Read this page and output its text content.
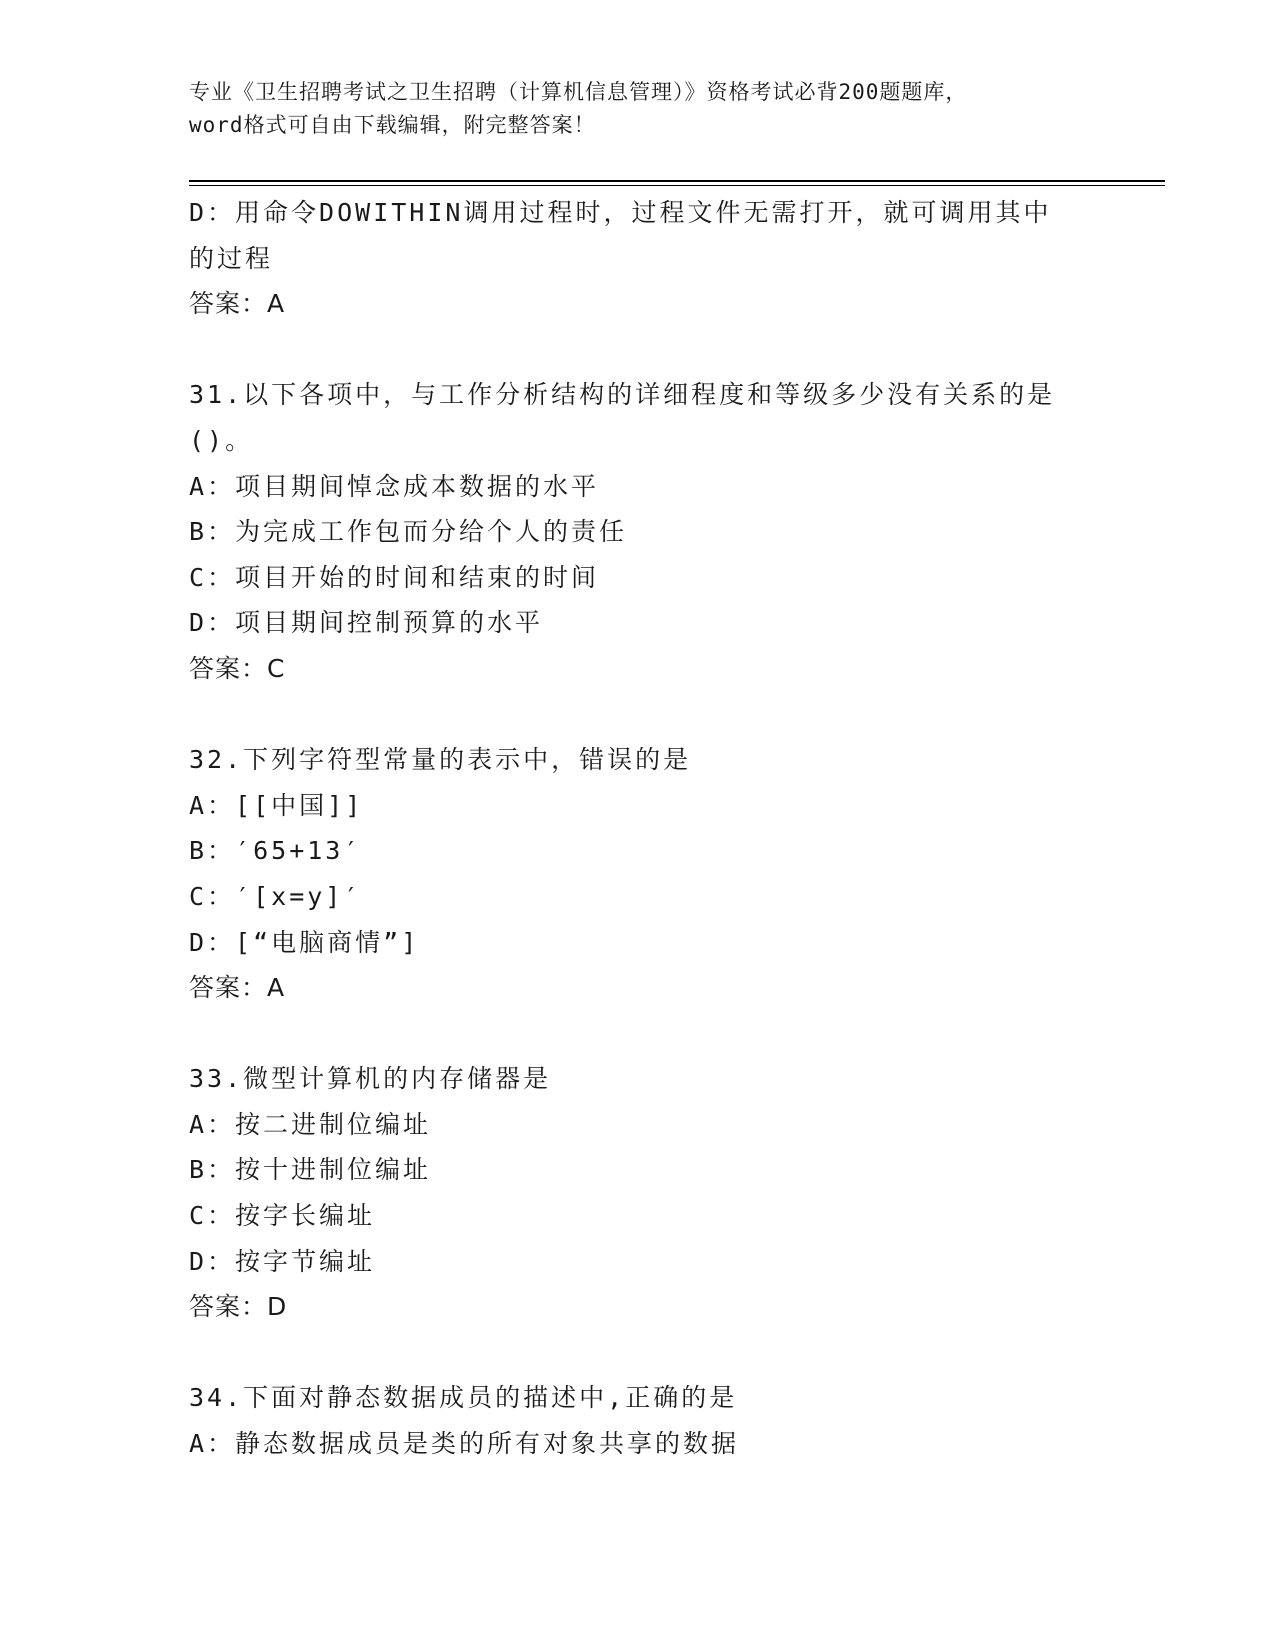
专业《卫生招聘考试之卫生招聘（计算机信息管理）》资格考试必背200题题库，
word格式可自由下载编辑，附完整答案！
D：用命令DOWITHIN调用过程时，过程文件无需打开，就可调用其中
的过程
答案：A
31.以下各项中，与工作分析结构的详细程度和等级多少没有关系的是
()。
A：项目期间悼念成本数据的水平
B：为完成工作包而分给个人的责任
C：项目开始的时间和结束的时间
D：项目期间控制预算的水平
答案：C
32.下列字符型常量的表示中，错误的是
A：[[中国]]
B：′65+13′
C：′[x=y]′
D：[“电脑商情”]
答案：A
33.微型计算机的内存储器是
A：按二进制位编址
B：按十进制位编址
C：按字长编址
D：按字节编址
答案：D
34.下面对静态数据成员的描述中,正确的是
A：静态数据成员是类的所有对象共享的数据
